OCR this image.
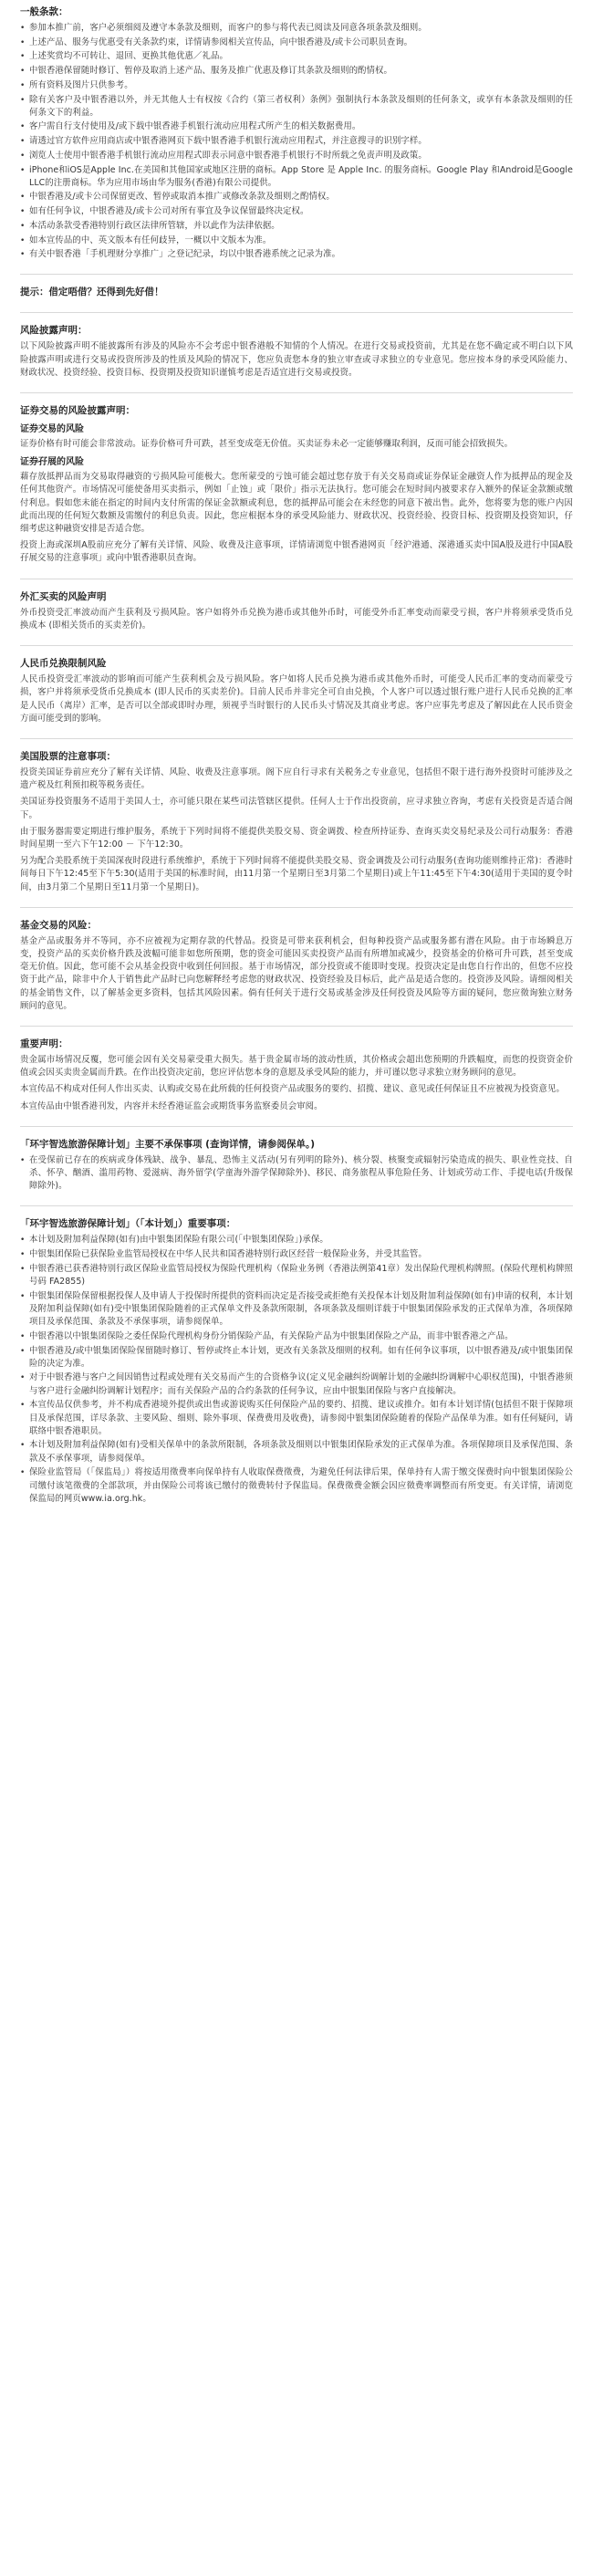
一般条款：
• 参加本推广前，客户必须细阅及遵守本条款及细则，而客户的参与将代表已阅读及同意各项条款及细则。
• 上述产品、服务与优惠受有关条款约束，详情请参阅相关宣传品，向中银香港及/或卡公司职员查询。
• 上述奖赏均不可转让、退回、更换其他优惠／礼品。
• 中银香港保留随时修订、暂停及取消上述产品、服务及推广优惠及修订其条款及细则的酌情权。
• 所有资料及图片只供参考。
• 除有关客户及中银香港以外，并无其他人士有权按《合约（第三者权利）条例》强制执行本条款及细则的任何条文，或享有本条款及细则的任何条文下的利益。
• 客户需自行支付使用及/或下载中银香港手机银行流动应用程式所产生的相关数据费用。
• 请透过官方软件应用商店或中银香港网页下载中银香港手机银行流动应用程式，并注意搜寻的识别字样。
• 浏览人士使用中银香港手机银行流动应用程式即表示同意中银香港手机银行不时所载之免责声明及政策。
• iPhone和iOS是Apple Inc.在美国和其他国家或地区注册的商标。App Store 是 Apple Inc. 的服务商标。Google Play 和Android是Google LLC的注册商标。华为应用市场由华为服务(香港)有限公司提供。
• 中银香港及/或卡公司保留更改、暂停或取消本推广或修改条款及细则之酌情权。
• 如有任何争议，中银香港及/或卡公司对所有事宜及争议保留最终决定权。
• 本活动条款受香港特别行政区法律所管辖，并以此作为法律依据。
• 如本宣传品的中、英文版本有任何歧异，一概以中文版本为准。
• 有关中银香港「手机理财分享推广」之登记纪录，均以中银香港系统之记录为准。
提示：借定唔借？还得到先好借！
风险披露声明：
以下风险披露声明不能披露所有涉及的风险亦不会考虑中银香港般不知情的个人情况。在进行交易或投资前，尤其是在您不确定或不明白以下风险披露声明或进行交易或投资所涉及的性质及风险的情况下，您应负责您本身的独立审查或寻求独立的专业意见。您应按本身的承受风险能力、财政状况、投资经验、投资目标、投资期及投资知识谨慎考虑是否适宜进行交易或投资。
证券交易的风险披露声明：
证券交易的风险
证券价格有时可能会非常波动。证券价格可升可跌，甚至变成毫无价值。买卖证券未必一定能够赚取利润，反而可能会招致损失。
证券孖展的风险
藉存放抵押品而为交易取得融资的亏损风险可能极大。您所蒙受的亏蚀可能会超过您存放于有关交易商或证券保证金融资人作为抵押品的现金及任何其他资产。市场情况可能使备用买卖指示，例如「止蚀」或「限价」指示无法执行。您可能会在短时间内被要求存入额外的保证金款额或缴付利息。假如您未能在指定的时间内支付所需的保证金款额或利息，您的抵押品可能会在未经您的同意下被出售。此外，您将要为您的账户内因此而出现的任何短欠数额及需缴付的利息负责。因此，您应根据本身的承受风险能力、财政状况、投资经验、投资目标、投资期及投资知识，仔细考虑这种融资安排是否适合您。
投资上海或深圳A股前应充分了解有关详情、风险、收费及注意事项，详情请浏览中银香港网页「经沪港通、深港通买卖中国A股及进行中国A股孖展交易的注意事项」或向中银香港职员查询。
外汇买卖的风险声明
外币投资受汇率波动而产生获利及亏损风险。客户如将外币兑换为港币或其他外币时，可能受外币汇率变动而蒙受亏损，客户并将须承受货币兑换成本 (即相关货币的买卖差价)。
人民币兑换限制风险
人民币投资受汇率波动的影响而可能产生获利机会及亏损风险。客户如将人民币兑换为港币或其他外币时，可能受人民币汇率的变动而蒙受亏损，客户并将须承受货币兑换成本 (即人民币的买卖差价)。目前人民币并非完全可自由兑换，个人客户可以透过银行账户进行人民币兑换的汇率是人民币（离岸）汇率，是否可以全部或即时办理，须视乎当时银行的人民币头寸情况及其商业考虑。客户应事先考虑及了解因此在人民币资金方面可能受到的影响。
美国股票的注意事项：
投资美国证券前应充分了解有关详情、风险、收费及注意事项。阁下应自行寻求有关税务之专业意见，包括但不限于进行海外投资时可能涉及之遗产税及红利预扣税等税务责任。
美国证券投资服务不适用于美国人士，亦可能只限在某些司法管辖区提供。任何人士于作出投资前，应寻求独立咨询，考虑有关投资是否适合阁下。
由于服务器需要定期进行维护服务，系统于下列时间将不能提供美股交易、资金调拨、检查所持证券、查询买卖交易纪录及公司行动服务：香港时间星期一至六下午12:00 － 下午12:30。
另为配合美股系统于美国深夜时段进行系统维护，系统于下列时间将不能提供美股交易、资金调拨及公司行动服务(查询功能则维持正常)：香港时间每日下午12:45至下午5:30(适用于美国的标准时间，由11月第一个星期日至3月第二个星期日)或上午11:45至下午4:30(适用于美国的夏令时间，由3月第二个星期日至11月第一个星期日)。
基金交易的风险：
基金产品或服务并不等同，亦不应被视为定期存款的代替品。投资是可带来获利机会，但每种投资产品或服务都有潜在风险。由于市场瞬息万变，投资产品的买卖价格升跌及波幅可能非如您所预期，您的资金可能因买卖投资产品而有所增加或减少，投资基金的价格可升可跌，甚至变成毫无价值。因此，您可能不会从基金投资中收到任何回报。基于市场情况，部分投资或不能即时变现。投资决定是由您自行作出的，但您不应投资于此产品，除非中介人于销售此产品时已向您解释经考虑您的财政状况、投资经验及目标后，此产品是适合您的。投资涉及风险。请细阅相关的基金销售文件，以了解基金更多资料，包括其风险因素。倘有任何关于进行交易或基金涉及任何投资及风险等方面的疑问，您应徵询独立财务顾问的意见。
重要声明：
贵金属市场情况反覆，您可能会因有关交易蒙受重大损失。基于贵金属市场的波动性质，其价格或会超出您预期的升跌幅度，而您的投资资金价值或会因买卖贵金属而升跌。在作出投资决定前，您应评估您本身的意愿及承受风险的能力，并可谨以您寻求独立财务顾问的意见。
本宣传品不构成对任何人作出买卖、认购或交易在此所载的任何投资产品或服务的要约、招揽、建议、意见或任何保证且不应被视为投资意见。
本宣传品由中银香港刊发，内容并未经香港证监会或期货事务监察委员会审阅。
「环宇智选旅游保障计划」主要不承保事项 (查询详情，请参阅保单。)
• 在受保前已存在的疾病或身体残缺、战争、暴乱、恐怖主义活动(另有列明的除外)、核分裂、核聚变或辐射污染造成的损失、职业性竞技、自杀、怀孕、酗酒、滥用药物、爱滋病、海外留学(学童海外游学保障除外)、移民、商务旅程从事危险任务、计划或劳动工作、手提电话(升级保障除外)。
「环宇智选旅游保障计划」（「本计划」）重要事项：
• 本计划及附加利益保障(如有)由中银集团保险有限公司(「中银集团保险」)承保。
• 中银集团保险已获保险业监管局授权在中华人民共和国香港特别行政区经营一般保险业务，并受其监管。
• 中银香港已获香港特别行政区保险业监管局授权为保险代理机构（保险业务例（香港法例第41章）发出保险代理机构牌照。(保险代理机构牌照号码 FA2855)
• 中银集团保险保留根据投保人及申请人于投保时所提供的资料而决定是否接受或拒绝有关投保本计划及附加利益保障(如有)申请的权利，本计划及附加利益保障(如有)受中银集团保险随着的正式保单文件及条款所限制，各项条款及细则详载于中银集团保险承发的正式保单为准，各项保障项目及承保范围、条款及不承保事项，请参阅保单。
• 中银香港以中银集团保险之委任保险代理机构身份分销保险产品，有关保险产品为中银集团保险之产品，而非中银香港之产品。
• 中银香港及/或中银集团保险保留随时修订、暂停或终止本计划，更改有关条款及细则的权利。如有任何争议事项，以中银香港及/或中银集团保险的决定为准。
• 对于中银香港与客户之间因销售过程或处理有关交易而产生的合资格争议(定义见金融纠纷调解计划的金融纠纷调解中心职权范围)，中银香港须与客户进行金融纠纷调解计划程序；而有关保险产品的合约条款的任何争议，应由中银集团保险与客户直接解决。
• 本宣传品仅供参考，并不构成香港境外提供或出售或游说购买任何保险产品的要约、招揽、建议或推介。如有本计划详情(包括但不限于保障项目及承保范围，详尽条款、主要风险、细则、除外事项、保费费用及收费)，请参阅中银集团保险随着的保险产品保单为准。如有任何疑问，请联络中银香港职员。
• 本计划及附加利益保障(如有)受相关保单中的条款所限制，各项条款及细则以中银集团保险承发的正式保单为准。各项保障项目及承保范围、条款及不承保事项，请参阅保单。
• 保险业监管局（「保监局」）将按适用徵费率向保单持有人收取保费徵费，为避免任何法律后果，保单持有人需于缴交保费时向中银集团保险公司缴付该笔徵费的全部款项，并由保险公司将该已缴付的徵费转付予保监局。保费徵费金额会因应徵费率调整而有所变更。有关详情，请浏览保监局的网页www.ia.org.hk。
